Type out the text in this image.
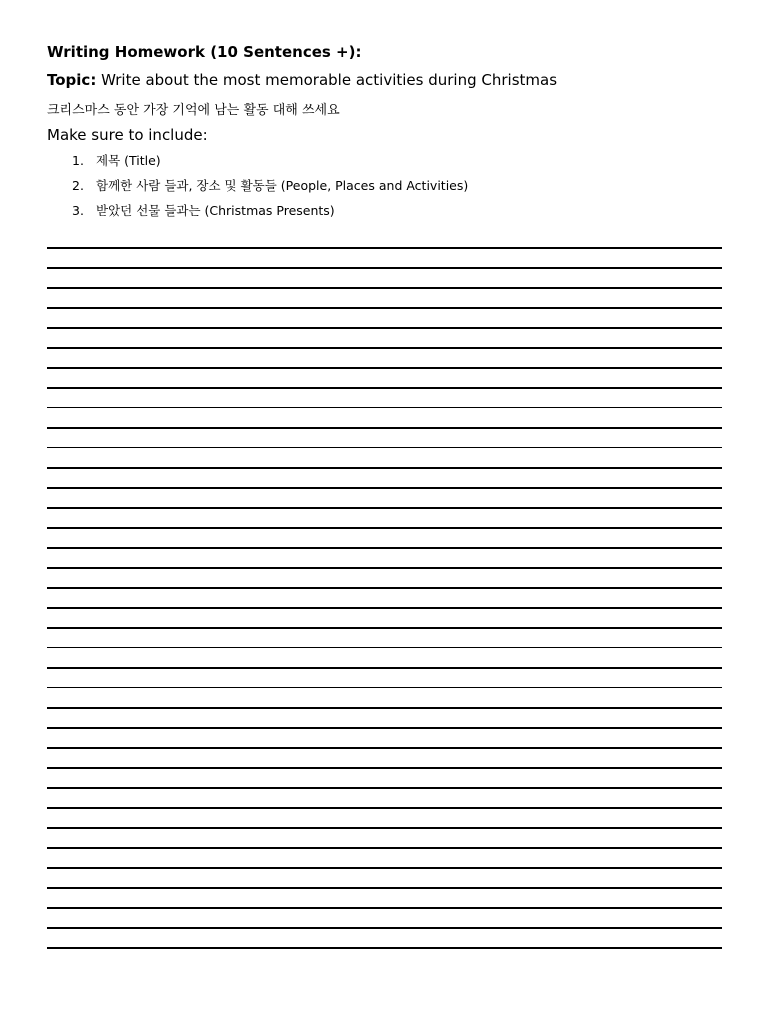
Writing Homework (10 Sentences +):
Topic: Write about the most memorable activities during Christmas
크리스마스 동안 가장 기억에 남는 활동 대해 쓰세요
Make sure to include:
1. 제목 (Title)
2. 함께한 사람 들과, 장소 및 활동들 (People, Places and Activities)
3. 받았던 선물 들과는 (Christmas Presents)
